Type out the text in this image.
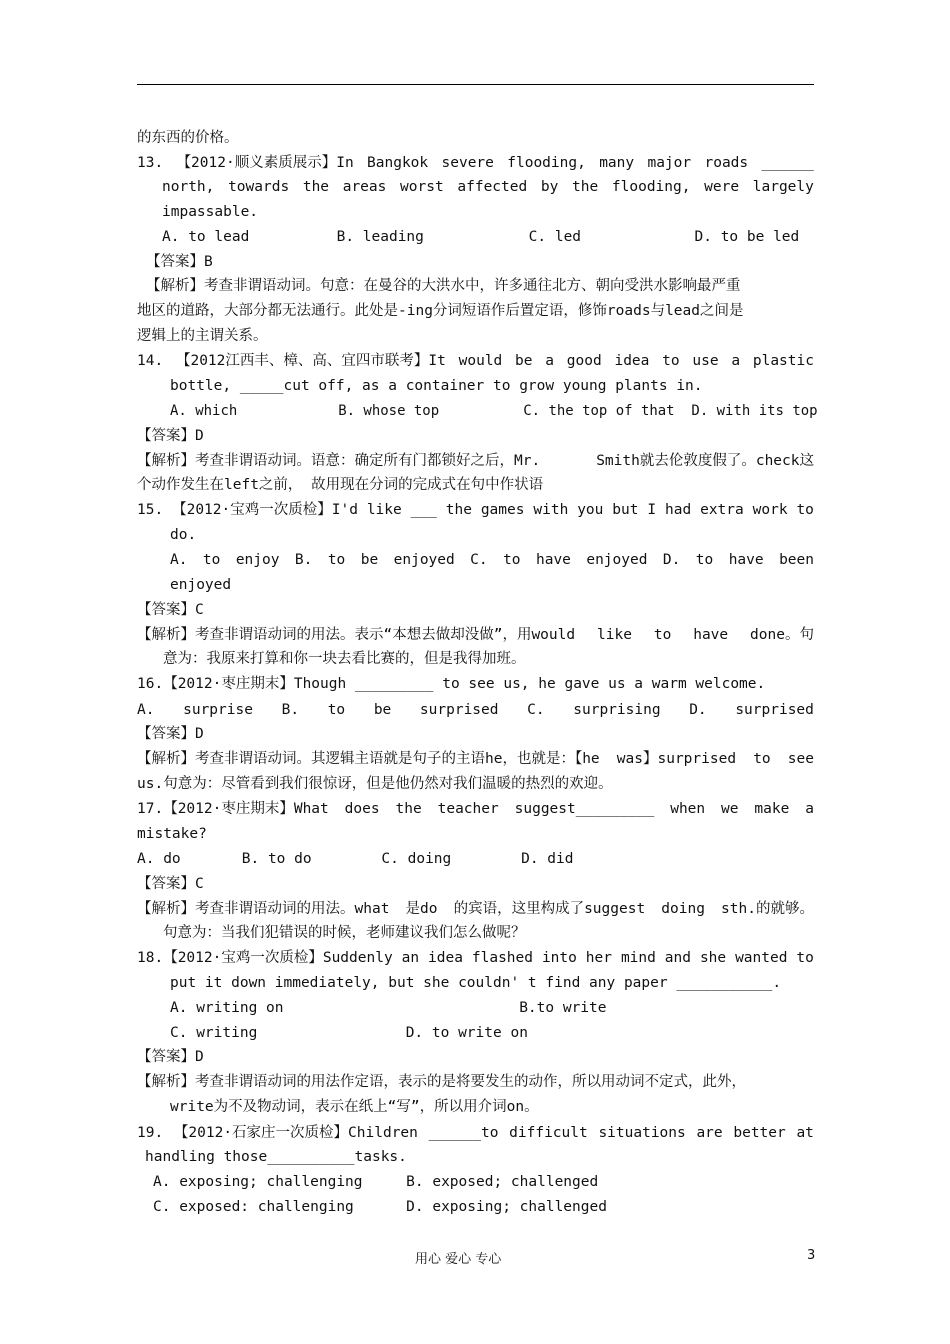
的东西的价格。
13. 【2012·顺义素质展示】In Bangkok severe flooding, many major roads ______
north, towards the areas worst affected by the flooding, were largely
impassable.
A. to lead          B. leading            C. led             D. to be led
【答案】B
【解析】考查非谓语动词。句意：在曼谷的大洪水中，许多通往北方、朝向受洪水影响最严重
地区的道路，大部分都无法通行。此处是-ing分词短语作后置定语，修饰roads与lead之间是
逻辑上的主谓关系。
14. 【2012江西丰、樟、高、宜四市联考】It would be a good idea to use a plastic
bottle, _____cut off, as a container to grow young plants in.
A. which            B. whose top          C. the top of that  D. with its top
【答案】D
【解析】考查非谓语动词。语意：确定所有门都锁好之后，Mr.	Smith就去伦敦度假了。check这
个动作发生在left之前， 故用现在分词的完成式在句中作状语
15. 【2012·宝鸡一次质检】I'd like ___ the games with you but I had extra work to
do.
A. to enjoy B. to be enjoyed C. to have enjoyed D. to have been
enjoyed
【答案】C
【解析】考查非谓语动词的用法。表示“本想去做却没做”，用would like to have done。句
意为：我原来打算和你一块去看比赛的，但是我得加班。
16.【2012·枣庄期末】Though _________ to see us, he gave us a warm welcome.
A. surprise B. to be surprised C. surprising D. surprised
【答案】D
【解析】考查非谓语动词。其逻辑主语就是句子的主语he，也就是：【he was】surprised to see
us.句意为：尽管看到我们很惊讶，但是他仍然对我们温暖的热烈的欢迎。
17.【2012·枣庄期末】What does the teacher suggest_________ when we make a
mistake?
A. do       B. to do        C. doing        D. did
【答案】C
【解析】考查非谓语动词的用法。what 是do 的宾语，这里构成了suggest doing sth.的就够。
句意为：当我们犯错误的时候，老师建议我们怎么做呢？
18.【2012·宝鸡一次质检】Suddenly an idea flashed into her mind and she wanted to
put it down immediately, but she couldn' t find any paper ___________.
A. writing on                           B.to write
C. writing                 D. to write on
【答案】D
【解析】考查非谓语动词的用法作定语，表示的是将要发生的动作，所以用动词不定式，此外，
write为不及物动词，表示在纸上“写”，所以用介词on。
19. 【2012·石家庄一次质检】Children ______to difficult situations are better at
handling those__________tasks.
A. exposing; challenging     B. exposed; challenged
C. exposed: challenging      D. exposing; challenged
用心 爱心 专心	3
